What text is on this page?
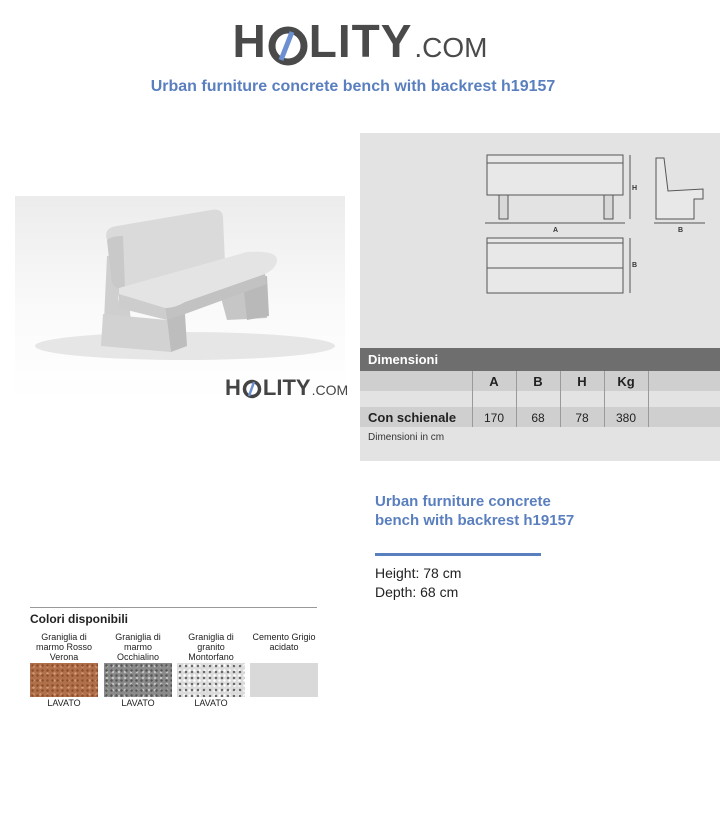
H LITY .COM
Urban furniture concrete bench with backrest h19157
H LITY .COM
H
A	B
B
Dimensioni
A	B	H	Kg
Con schienale	170	68	78	380
Dimensioni in cm
Urban furniture concrete bench with backrest h19157
Height: 78 cm
Depth: 68 cm
Colori disponibili
Graniglia di marmo Rosso Verona
Graniglia di marmo Occhialino
Graniglia di granito Montorfano
Cemento Grigio acidato
LAVATO	LAVATO	LAVATO
